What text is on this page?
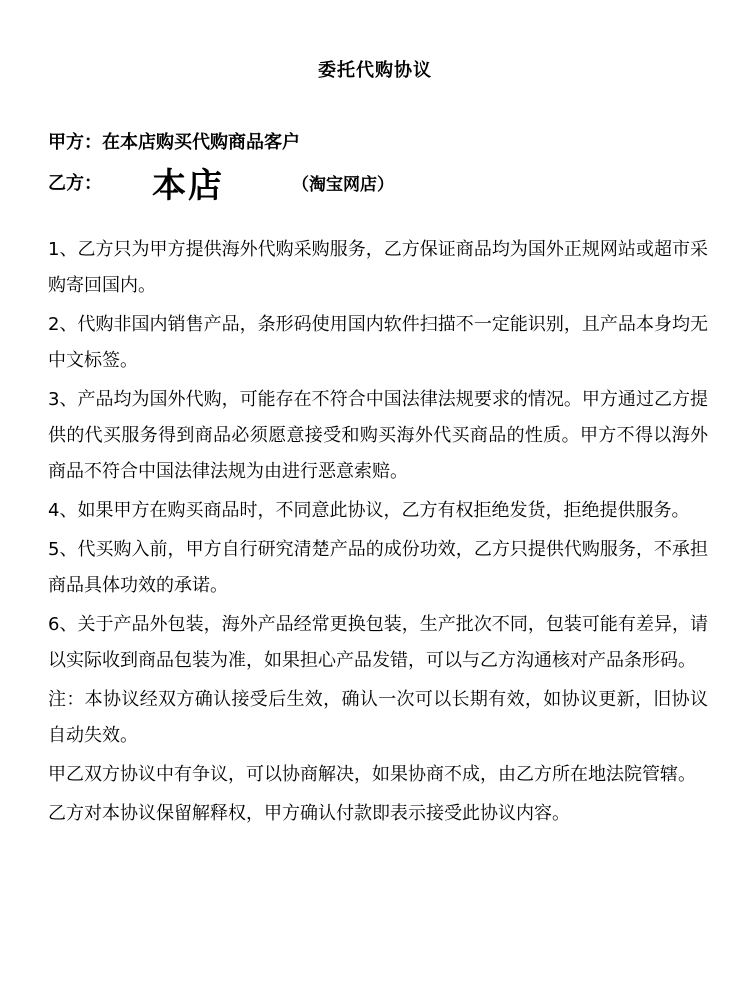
委托代购协议
甲方：在本店购买代购商品客户
乙方：	本店	（淘宝网店）

1、乙方只为甲方提供海外代购采购服务，乙方保证商品均为国外正规网站或超市采购寄回国内。

2、代购非国内销售产品，条形码使用国内软件扫描不一定能识别，且产品本身均无中文标签。

3、产品均为国外代购，可能存在不符合中国法律法规要求的情况。甲方通过乙方提供的代买服务得到商品必须愿意接受和购买海外代买商品的性质。甲方不得以海外商品不符合中国法律法规为由进行恶意索赔。

4、如果甲方在购买商品时，不同意此协议，乙方有权拒绝发货，拒绝提供服务。

5、代买购入前，甲方自行研究清楚产品的成份功效，乙方只提供代购服务，不承担商品具体功效的承诺。

6、关于产品外包装，海外产品经常更换包装，生产批次不同，包装可能有差异，请以实际收到商品包装为准，如果担心产品发错，可以与乙方沟通核对产品条形码。

注：本协议经双方确认接受后生效，确认一次可以长期有效，如协议更新，旧协议自动失效。

甲乙双方协议中有争议，可以协商解决，如果协商不成，由乙方所在地法院管辖。

乙方对本协议保留解释权，甲方确认付款即表示接受此协议内容。
